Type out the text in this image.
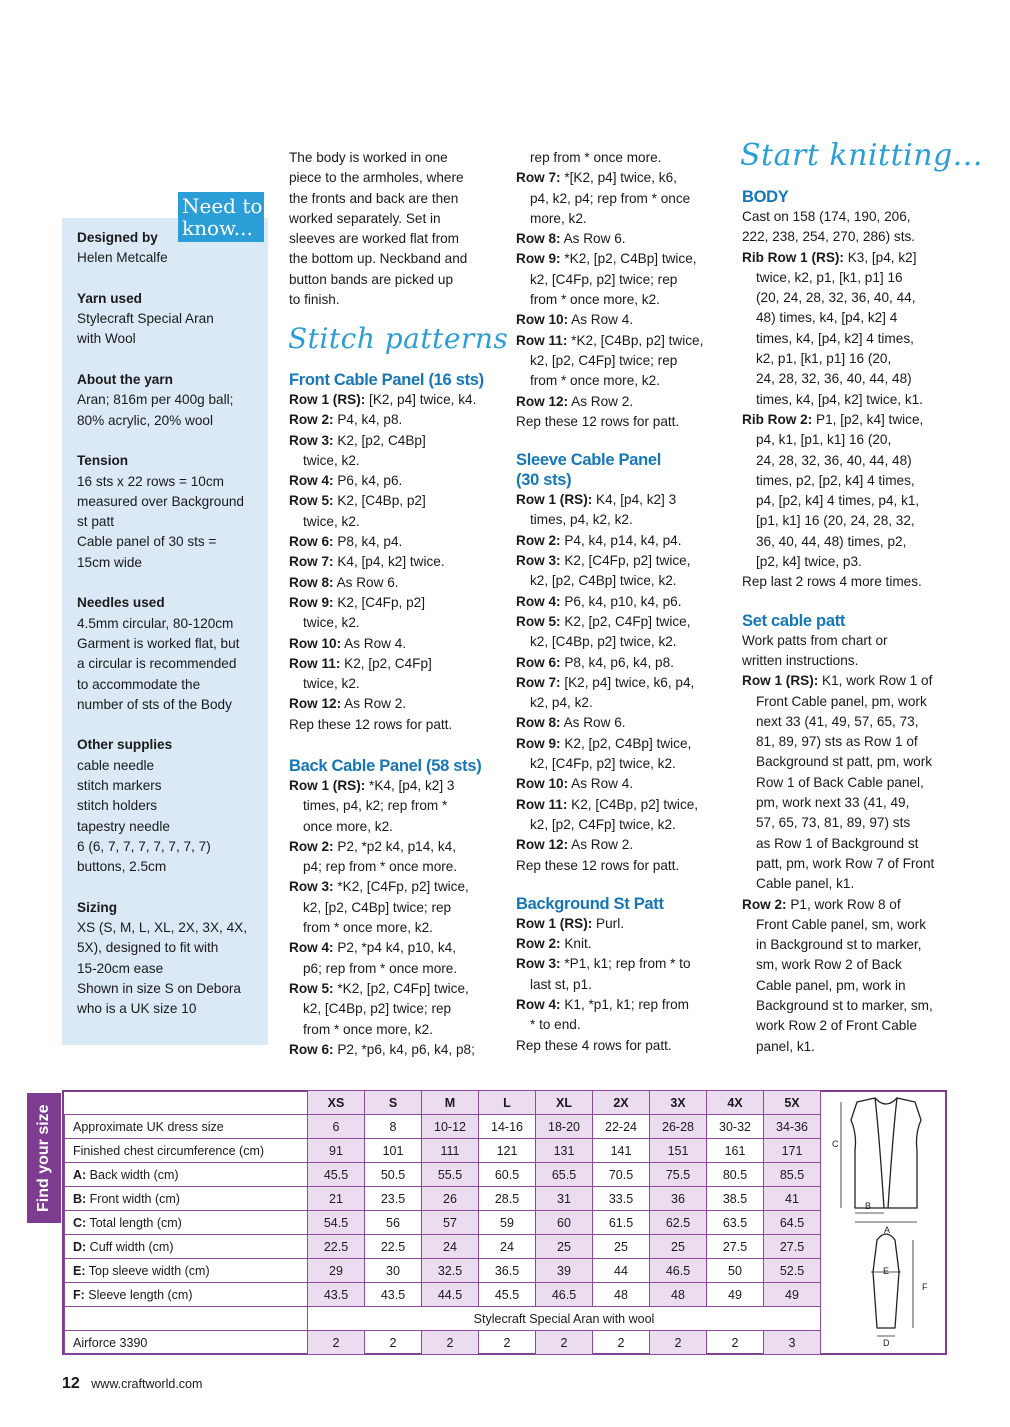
Need to
know...

Designed by

Helen Metcalfe

Yarn used

Stylecraft Special Aran

with Wool

About the yarn

Aran; 816m per 400g ball;

80% acrylic, 20% wool

Tension

16 sts x 22 rows = 10cm

measured over Background

st patt

Cable panel of 30 sts =

15cm wide

Needles used

4.5mm circular, 80-120cm

Garment is worked flat, but

a circular is recommended

to accommodate the

number of sts of the Body

Other supplies

cable needle

stitch markers

stitch holders

tapestry needle

6 (6, 7, 7, 7, 7, 7, 7, 7)

buttons, 2.5cm

Sizing

XS (S, M, L, XL, 2X, 3X, 4X,

5X), designed to fit with

15-20cm ease

Shown in size S on Debora

who is a UK size 10

The body is worked in one

piece to the armholes, where

the fronts and back are then

worked separately. Set in

sleeves are worked flat from

the bottom up. Neckband and

button bands are picked up

to finish.

Stitch patterns

Front Cable Panel (16 sts)

Row 1 (RS): [K2, p4] twice, k4.

Row 2: P4, k4, p8.

Row 3: K2, [p2, C4Bp]

twice, k2.

Row 4: P6, k4, p6.

Row 5: K2, [C4Bp, p2]

twice, k2.

Row 6: P8, k4, p4.

Row 7: K4, [p4, k2] twice.

Row 8: As Row 6.

Row 9: K2, [C4Fp, p2]

twice, k2.

Row 10: As Row 4.

Row 11: K2, [p2, C4Fp]

twice, k2.

Row 12: As Row 2.

Rep these 12 rows for patt.

Back Cable Panel (58 sts)

Row 1 (RS): *K4, [p4, k2] 3

times, p4, k2; rep from *

once more, k2.

Row 2: P2, *p2 k4, p14, k4,

p4; rep from * once more.

Row 3: *K2, [C4Fp, p2] twice,

k2, [p2, C4Bp] twice; rep

from * once more, k2.

Row 4: P2, *p4 k4, p10, k4,

p6; rep from * once more.

Row 5: *K2, [p2, C4Fp] twice,

k2, [C4Bp, p2] twice; rep

from * once more, k2.

Row 6: P2, *p6, k4, p6, k4, p8;

rep from * once more.

Row 7: *[K2, p4] twice, k6,

p4, k2, p4; rep from * once

more, k2.

Row 8: As Row 6.

Row 9: *K2, [p2, C4Bp] twice,

k2, [C4Fp, p2] twice; rep

from * once more, k2.

Row 10: As Row 4.

Row 11: *K2, [C4Bp, p2] twice,

k2, [p2, C4Fp] twice; rep

from * once more, k2.

Row 12: As Row 2.

Rep these 12 rows for patt.

Sleeve Cable Panel

(30 sts)

Row 1 (RS): K4, [p4, k2] 3

times, p4, k2, k2.

Row 2: P4, k4, p14, k4, p4.

Row 3: K2, [C4Fp, p2] twice,

k2, [p2, C4Bp] twice, k2.

Row 4: P6, k4, p10, k4, p6.

Row 5: K2, [p2, C4Fp] twice,

k2, [C4Bp, p2] twice, k2.

Row 6: P8, k4, p6, k4, p8.

Row 7: [K2, p4] twice, k6, p4,

k2, p4, k2.

Row 8: As Row 6.

Row 9: K2, [p2, C4Bp] twice,

k2, [C4Fp, p2] twice, k2.

Row 10: As Row 4.

Row 11: K2, [C4Bp, p2] twice,

k2, [p2, C4Fp] twice, k2.

Row 12: As Row 2.

Rep these 12 rows for patt.

Background St Patt

Row 1 (RS): Purl.

Row 2: Knit.

Row 3: *P1, k1; rep from * to

last st, p1.

Row 4: K1, *p1, k1; rep from

* to end.

Rep these 4 rows for patt.

Start knitting...

BODY

Cast on 158 (174, 190, 206,

222, 238, 254, 270, 286) sts.

Rib Row 1 (RS): K3, [p4, k2]

twice, k2, p1, [k1, p1] 16

(20, 24, 28, 32, 36, 40, 44,

48) times, k4, [p4, k2] 4

times, k4, [p4, k2] 4 times,

k2, p1, [k1, p1] 16 (20,

24, 28, 32, 36, 40, 44, 48)

times, k4, [p4, k2] twice, k1.

Rib Row 2: P1, [p2, k4] twice,

p4, k1, [p1, k1] 16 (20,

24, 28, 32, 36, 40, 44, 48)

times, p2, [p2, k4] 4 times,

p4, [p2, k4] 4 times, p4, k1,

[p1, k1] 16 (20, 24, 28, 32,

36, 40, 44, 48) times, p2,

[p2, k4] twice, p3.

Rep last 2 rows 4 more times.

Set cable patt

Work patts from chart or

written instructions.

Row 1 (RS): K1, work Row 1 of

Front Cable panel, pm, work

next 33 (41, 49, 57, 65, 73,

81, 89, 97) sts as Row 1 of

Background st patt, pm, work

Row 1 of Back Cable panel,

pm, work next 33 (41, 49,

57, 65, 73, 81, 89, 97) sts

as Row 1 of Background st

patt, pm, work Row 7 of Front

Cable panel, k1.

Row 2: P1, work Row 8 of

Front Cable panel, sm, work

in Background st to marker,

sm, work Row 2 of Back

Cable panel, pm, work in

Background st to marker, sm,

work Row 2 of Front Cable

panel, k1.

Find your size
	XS	S	M	L	XL	2X	3X	4X	5X
Approximate UK dress size	6	8	10-12	14-16	18-20	22-24	26-28	30-32	34-36
Finished chest circumference (cm)	91	101	111	121	131	141	151	161	171
A: Back width (cm)	45.5	50.5	55.5	60.5	65.5	70.5	75.5	80.5	85.5
B: Front width (cm)	21	23.5	26	28.5	31	33.5	36	38.5	41
C: Total length (cm)	54.5	56	57	59	60	61.5	62.5	63.5	64.5
D: Cuff width (cm)	22.5	22.5	24	24	25	25	25	27.5	27.5
E: Top sleeve width (cm)	29	30	32.5	36.5	39	44	46.5	50	52.5
F: Sleeve length (cm)	43.5	43.5	44.5	45.5	46.5	48	48	49	49
	Stylecraft Special Aran with wool								
Airforce 3390	2	2	2	2	2	2	2	2	3
C
B
A
E
F
D
12 www.craftworld.com
